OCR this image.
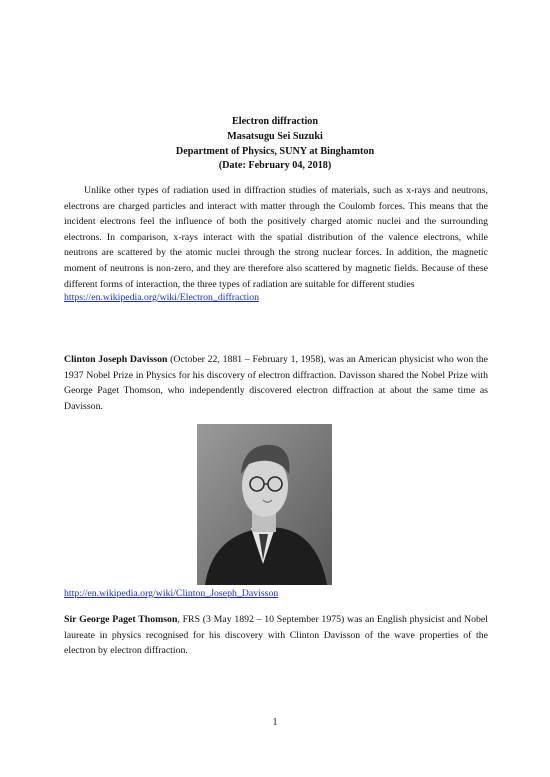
Electron diffraction
Masatsugu Sei Suzuki
Department of Physics, SUNY at Binghamton
(Date: February 04, 2018)

Unlike other types of radiation used in diffraction studies of materials, such as x-rays and neutrons, electrons are charged particles and interact with matter through the Coulomb forces. This means that the incident electrons feel the influence of both the positively charged atomic nuclei and the surrounding electrons. In comparison, x-rays interact with the spatial distribution of the valence electrons, while neutrons are scattered by the atomic nuclei through the strong nuclear forces. In addition, the magnetic moment of neutrons is non-zero, and they are therefore also scattered by magnetic fields. Because of these different forms of interaction, the three types of radiation are suitable for different studies

https://en.wikipedia.org/wiki/Electron_diffraction

Clinton Joseph Davisson (October 22, 1881 – February 1, 1958), was an American physicist who won the 1937 Nobel Prize in Physics for his discovery of electron diffraction. Davisson shared the Nobel Prize with George Paget Thomson, who independently discovered electron diffraction at about the same time as Davisson.

http://en.wikipedia.org/wiki/Clinton_Joseph_Davisson

Sir George Paget Thomson, FRS (3 May 1892 – 10 September 1975) was an English physicist and Nobel laureate in physics recognised for his discovery with Clinton Davisson of the wave properties of the electron by electron diffraction.

1
